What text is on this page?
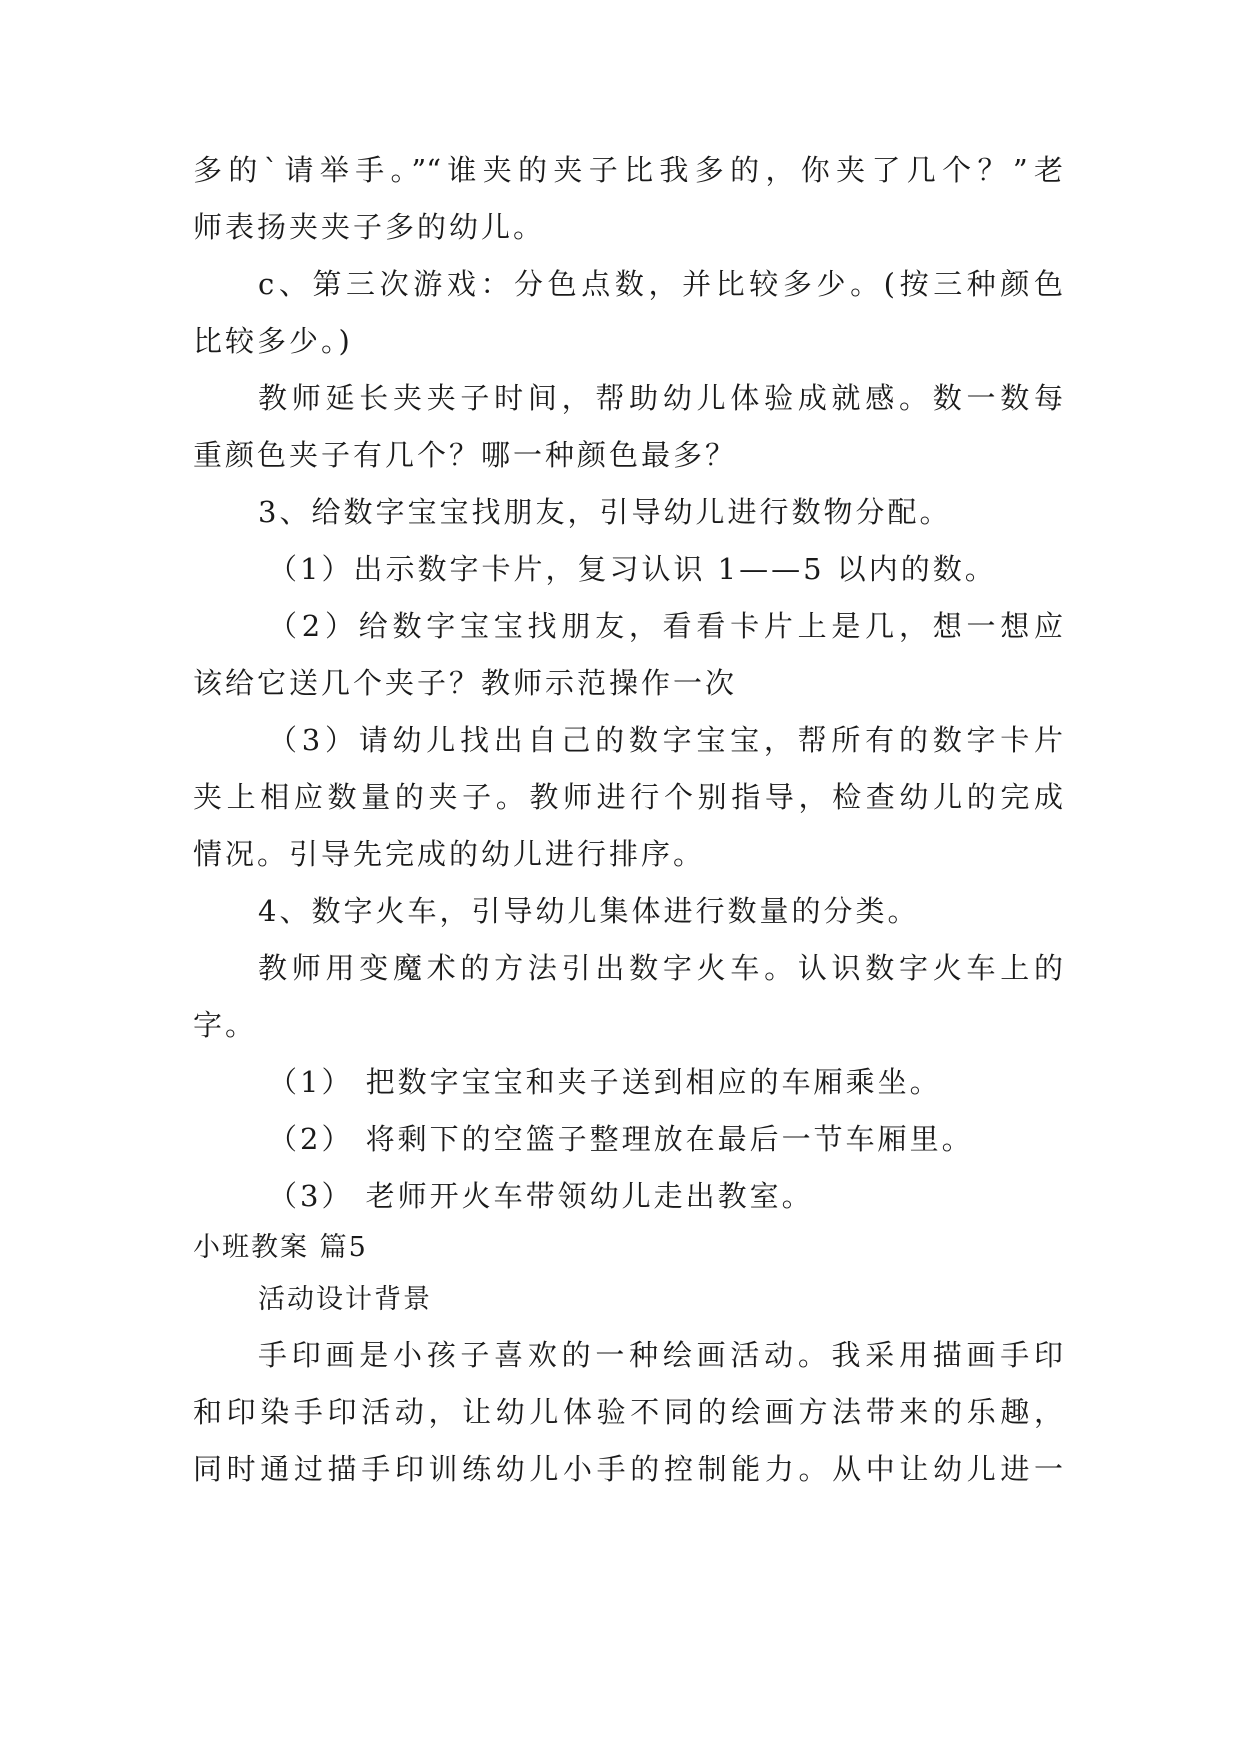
多的`请举手。”“谁夹的夹子比我多的，你夹了几个？”老
师表扬夹夹子多的幼儿。
c、第三次游戏：分色点数，并比较多少。(按三种颜色
比较多少。)
教师延长夹夹子时间，帮助幼儿体验成就感。数一数每
重颜色夹子有几个？哪一种颜色最多？
3、给数字宝宝找朋友，引导幼儿进行数物分配。
（1）出示数字卡片，复习认识 1——5 以内的数。
（2）给数字宝宝找朋友，看看卡片上是几，想一想应
该给它送几个夹子？教师示范操作一次
（3）请幼儿找出自己的数字宝宝，帮所有的数字卡片
夹上相应数量的夹子。教师进行个别指导，检查幼儿的完成
情况。引导先完成的幼儿进行排序。
4、数字火车，引导幼儿集体进行数量的分类。
教师用变魔术的方法引出数字火车。认识数字火车上的
字。
（1） 把数字宝宝和夹子送到相应的车厢乘坐。
（2） 将剩下的空篮子整理放在最后一节车厢里。
（3） 老师开火车带领幼儿走出教室。
小班教案 篇5
活动设计背景
手印画是小孩子喜欢的一种绘画活动。我采用描画手印
和印染手印活动，让幼儿体验不同的绘画方法带来的乐趣，
同时通过描手印训练幼儿小手的控制能力。从中让幼儿进一
